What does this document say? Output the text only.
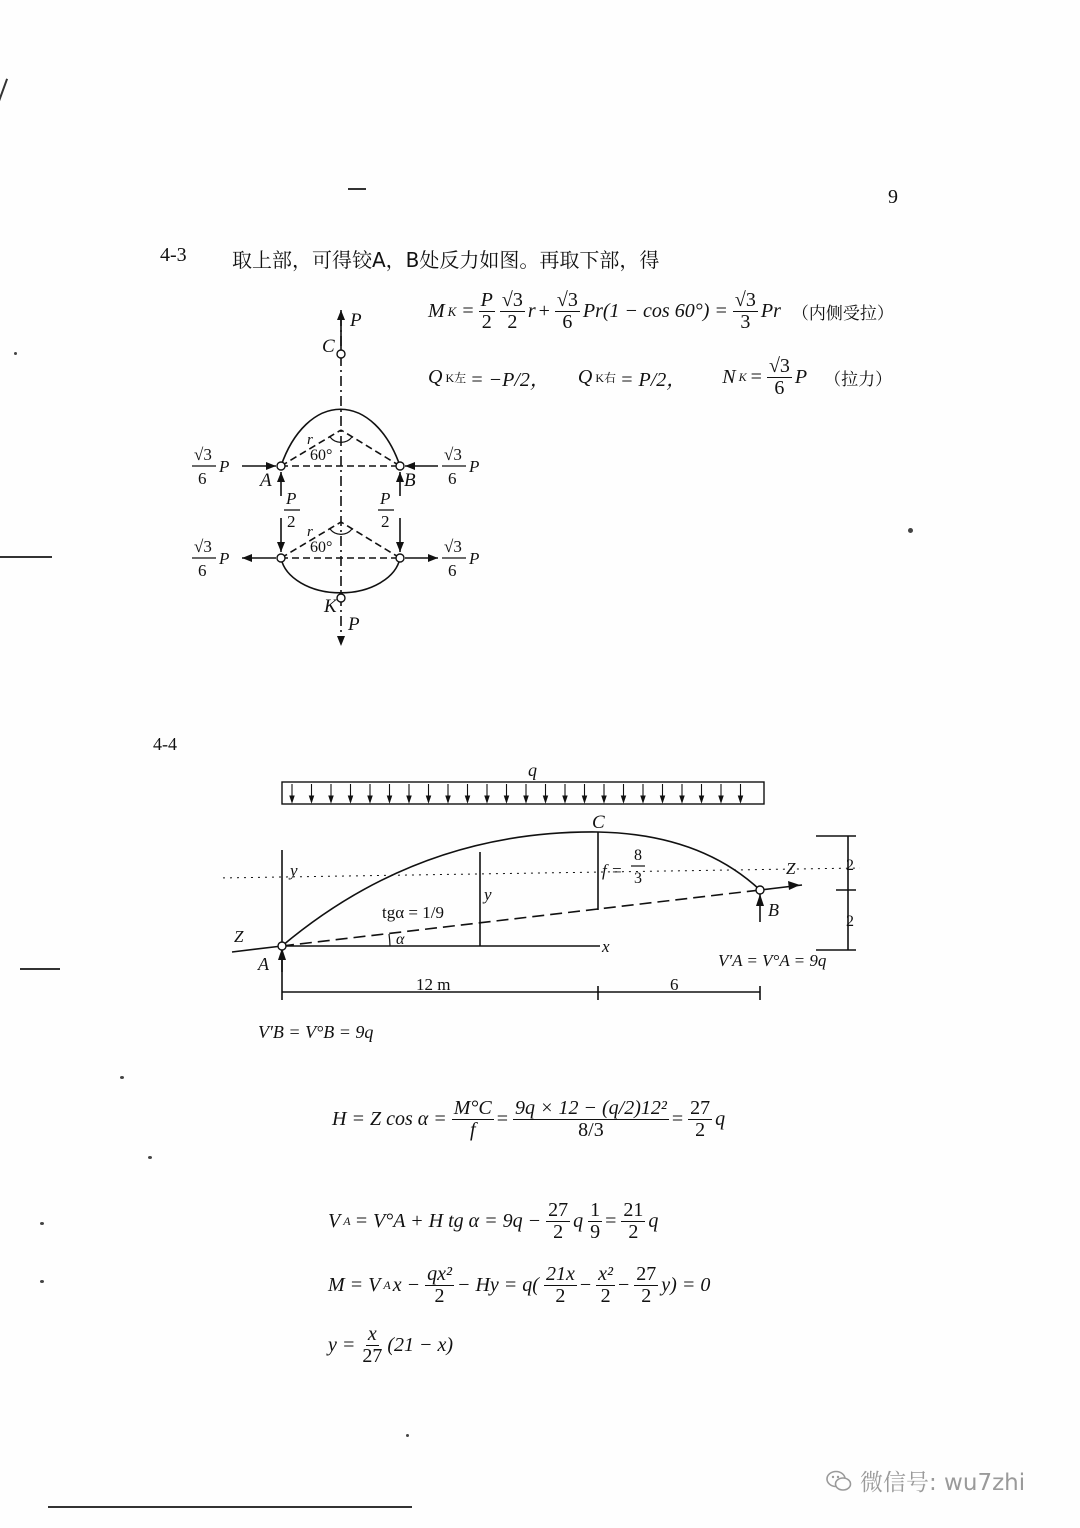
9
4-3 取上部，可得铰A，B处反力如图。再取下部，得
M $K = \frac{P}{2} \frac{√3}{2}$ $r + \frac{√3}{6} Pr(1 - \cos 60^\circ) = \frac{√3}{3}$ Pr （内侧受拉）
Q K左 = −P/2， Q K右 = P/2， N $K = \frac{√3}{6}$ P （拉力）
P
C
r
60°
A	B
r
60°
K
P
√3
6
P
√3
6
P
√3
6
P
√3
6
P
P
2
P
2
4-4
q
C
y
y
f =
8
3
Z
Z
tgα = 1/9
α	x
A
B
V′A = V°A = 9q
12 m	6
2
2
V′B = V°B = 9q
H = Z $\cos \alpha = \frac{M^\circ C}{f} = \frac{\text{9q × 12 − (q/2)12²}}{8/3} = \frac{27}{2}$ q
V A = V°A + H tg $\alpha = 9q - \frac{27}{2}$ q $\frac{1}{9} = \frac{21}{2}$ q
M = V A $x - \frac{\text{qx²}}{2} - Hy = q( \frac{21x}{2} - \frac{\text{x²}}{2} - \frac{27}{2} y) = 0$
$y = \frac{x}{27} (21 - x)$
微信号: wu7zhi
